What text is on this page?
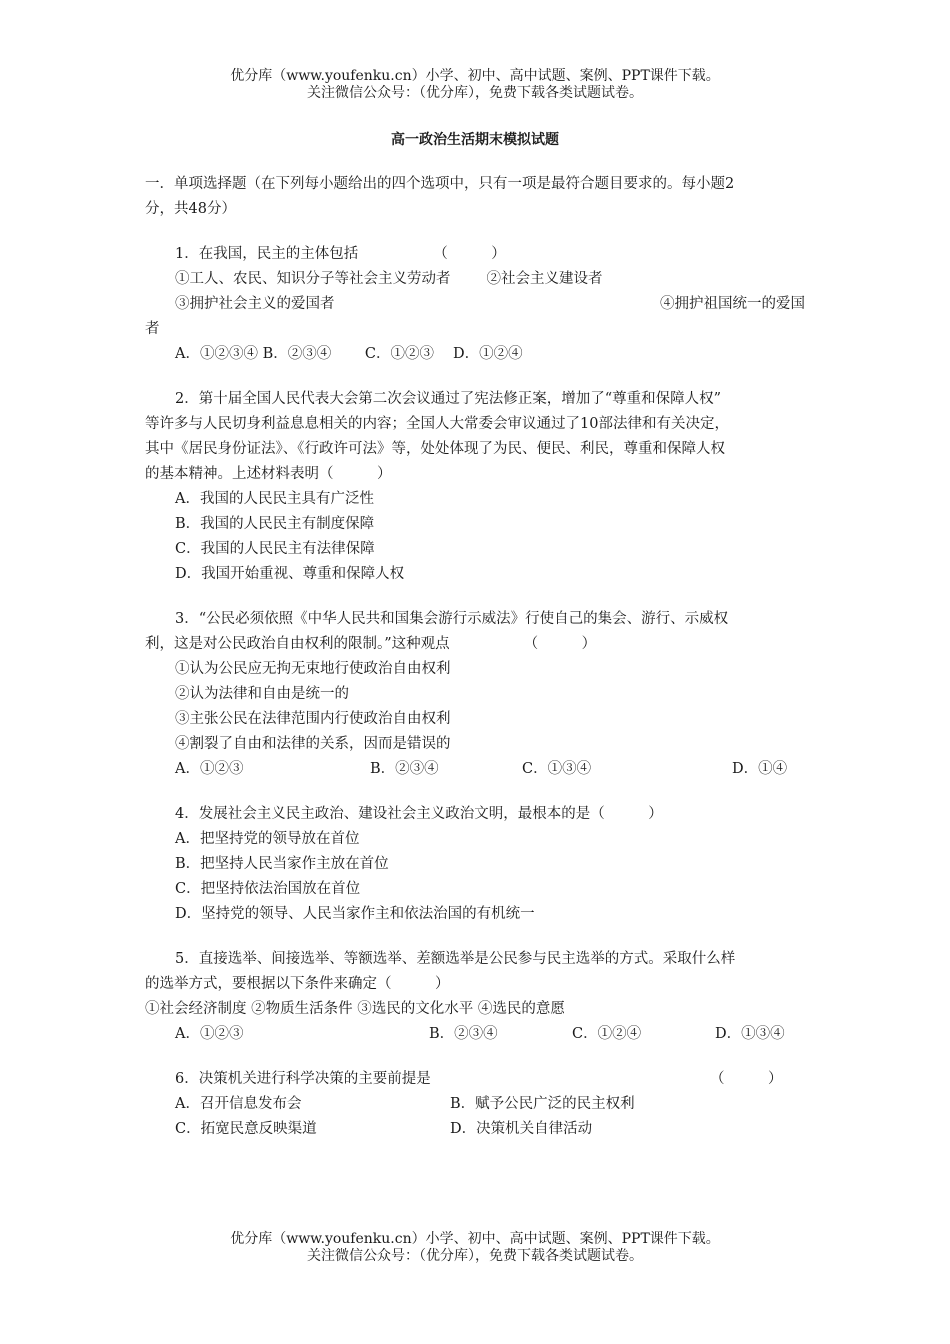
优分库（www.youfenku.cn）小学、初中、高中试题、案例、PPT课件下载。
关注微信公众号：（优分库），免费下载各类试题试卷。
高一政治生活期末模拟试题

一．单项选择题（在下列每小题给出的四个选项中，只有一项是最符合题目要求的。每小题2

分，共48分）

1．在我国，民主的主体包括	（　　　）
①工人、农民、知识分子等社会主义劳动者 ②社会主义建设者
③拥护社会主义的爱国者	④拥护祖国统一的爱国

者

A．①②③④ B．②③④　　 C．①②③　 D．①②④

2．第十届全国人民代表大会第二次会议通过了宪法修正案，增加了“尊重和保障人权”

等许多与人民切身利益息息相关的内容；全国人大常委会审议通过了10部法律和有关决定，

其中《居民身份证法》、《行政许可法》等，处处体现了为民、便民、利民，尊重和保障人权

的基本精神。上述材料表明（　　　）

A．我国的人民民主具有广泛性

B．我国的人民民主有制度保障

C．我国的人民民主有法律保障

D．我国开始重视、尊重和保障人权

3．“公民必须依照《中华人民共和国集会游行示威法》行使自己的集会、游行、示威权

利，这是对公民政治自由权利的限制。”这种观点	（　　　）

①认为公民应无拘无束地行使政治自由权利

②认为法律和自由是统一的

③主张公民在法律范围内行使政治自由权利

④割裂了自由和法律的关系，因而是错误的

A．①②③	B．②③④	C．①③④	D．①④

4．发展社会主义民主政治、建设社会主义政治文明，最根本的是（　　　）

A．把坚持党的领导放在首位

B．把坚持人民当家作主放在首位

C．把坚持依法治国放在首位

D．坚持党的领导、人民当家作主和依法治国的有机统一

5．直接选举、间接选举、等额选举、差额选举是公民参与民主选举的方式。采取什么样

的选举方式，要根据以下条件来确定（　　　）

①社会经济制度 ②物质生活条件 ③选民的文化水平 ④选民的意愿

A．①②③	B．②③④	C．①②④	D．①③④
6．决策机关进行科学决策的主要前提是	（　　　）
A．召开信息发布会	B．赋予公民广泛的民主权利
C．拓宽民意反映渠道	D．决策机关自律活动
优分库（www.youfenku.cn）小学、初中、高中试题、案例、PPT课件下载。
关注微信公众号：（优分库），免费下载各类试题试卷。
